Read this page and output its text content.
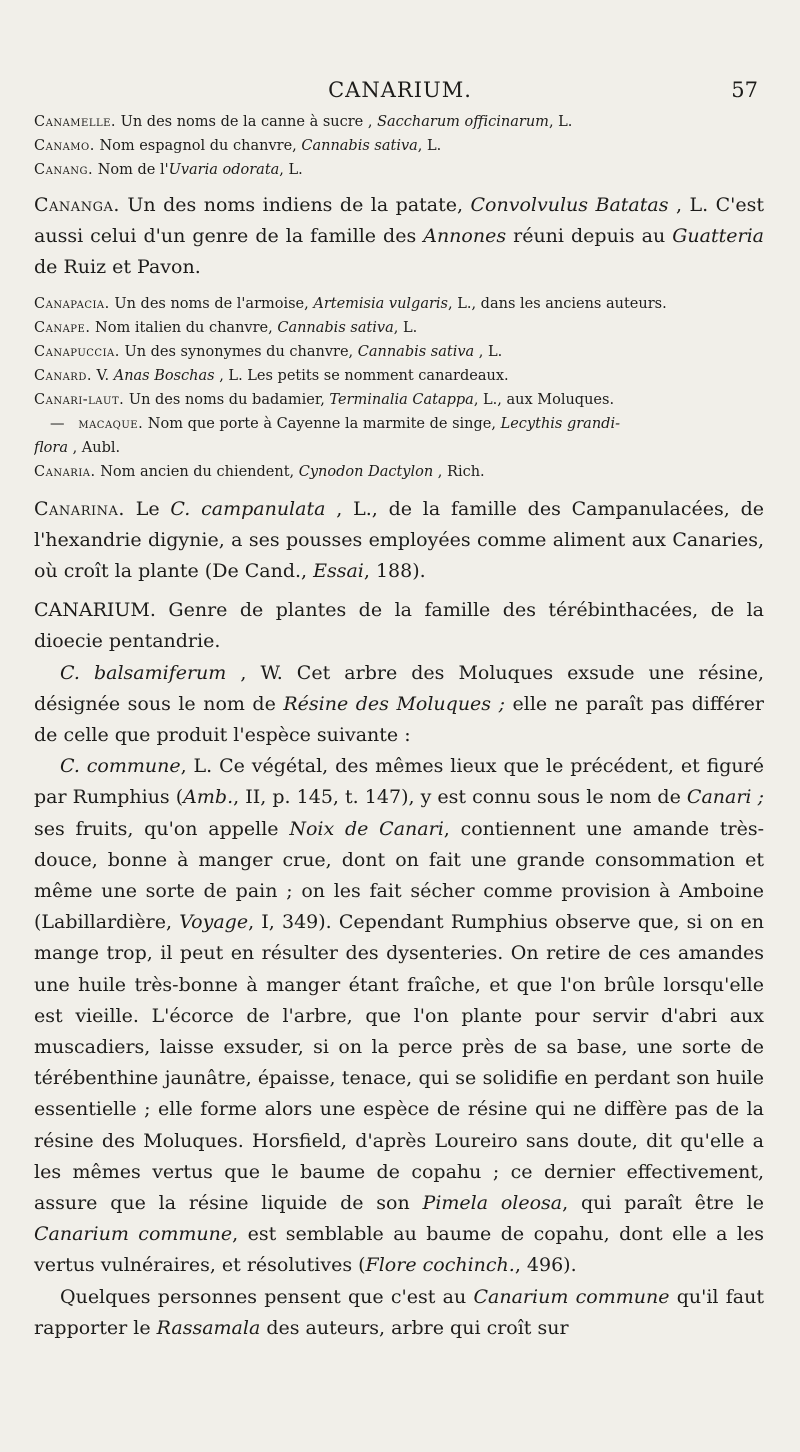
CANARIUM.	57

Canamelle. Un des noms de la canne à sucre , Saccharum officinarum, L.

Canamo. Nom espagnol du chanvre, Cannabis sativa, L.

Canang. Nom de l'Uvaria odorata, L.

Cananga. Un des noms indiens de la patate, Convolvulus Batatas , L. C'est aussi celui d'un genre de la famille des Annones réuni depuis au Guatteria de Ruiz et Pavon.

Canapacia. Un des noms de l'armoise, Artemisia vulgaris, L., dans les anciens auteurs.

Canape. Nom italien du chanvre, Cannabis sativa, L.

Canapuccia. Un des synonymes du chanvre, Cannabis sativa , L.

Canard. V. Anas Boschas , L. Les petits se nomment canardeaux.

Canari-laut. Un des noms du badamier, Terminalia Catappa, L., aux Moluques.

— macaque. Nom que porte à Cayenne la marmite de singe, Lecythis grandi-

flora , Aubl.

Canaria. Nom ancien du chiendent, Cynodon Dactylon , Rich.

Canarina. Le C. campanulata , L., de la famille des Campanulacées, de l'hexandrie digynie, a ses pousses employées comme aliment aux Canaries, où croît la plante (De Cand., Essai, 188).

CANARIUM. Genre de plantes de la famille des térébinthacées, de la dioecie pentandrie.

C. balsamiferum , W. Cet arbre des Moluques exsude une résine, désignée sous le nom de Résine des Moluques ; elle ne paraît pas différer de celle que produit l'espèce suivante :

C. commune, L. Ce végétal, des mêmes lieux que le précédent, et figuré par Rumphius (Amb., II, p. 145, t. 147), y est connu sous le nom de Canari ; ses fruits, qu'on appelle Noix de Canari, contiennent une amande très-douce, bonne à manger crue, dont on fait une grande consommation et même une sorte de pain ; on les fait sécher comme provision à Amboine (Labillardière, Voyage, I, 349). Cependant Rumphius observe que, si on en mange trop, il peut en résulter des dysenteries. On retire de ces amandes une huile très-bonne à manger étant fraîche, et que l'on brûle lorsqu'elle est vieille. L'écorce de l'arbre, que l'on plante pour servir d'abri aux muscadiers, laisse exsuder, si on la perce près de sa base, une sorte de térébenthine jaunâtre, épaisse, tenace, qui se solidifie en perdant son huile essentielle ; elle forme alors une espèce de résine qui ne diffère pas de la résine des Moluques. Horsfield, d'après Loureiro sans doute, dit qu'elle a les mêmes vertus que le baume de copahu ; ce dernier effectivement, assure que la résine liquide de son Pimela oleosa, qui paraît être le Canarium commune, est semblable au baume de copahu, dont elle a les vertus vulnéraires, et résolutives (Flore cochinch., 496).

Quelques personnes pensent que c'est au Canarium commune qu'il faut rapporter le Rassamala des auteurs, arbre qui croît sur
